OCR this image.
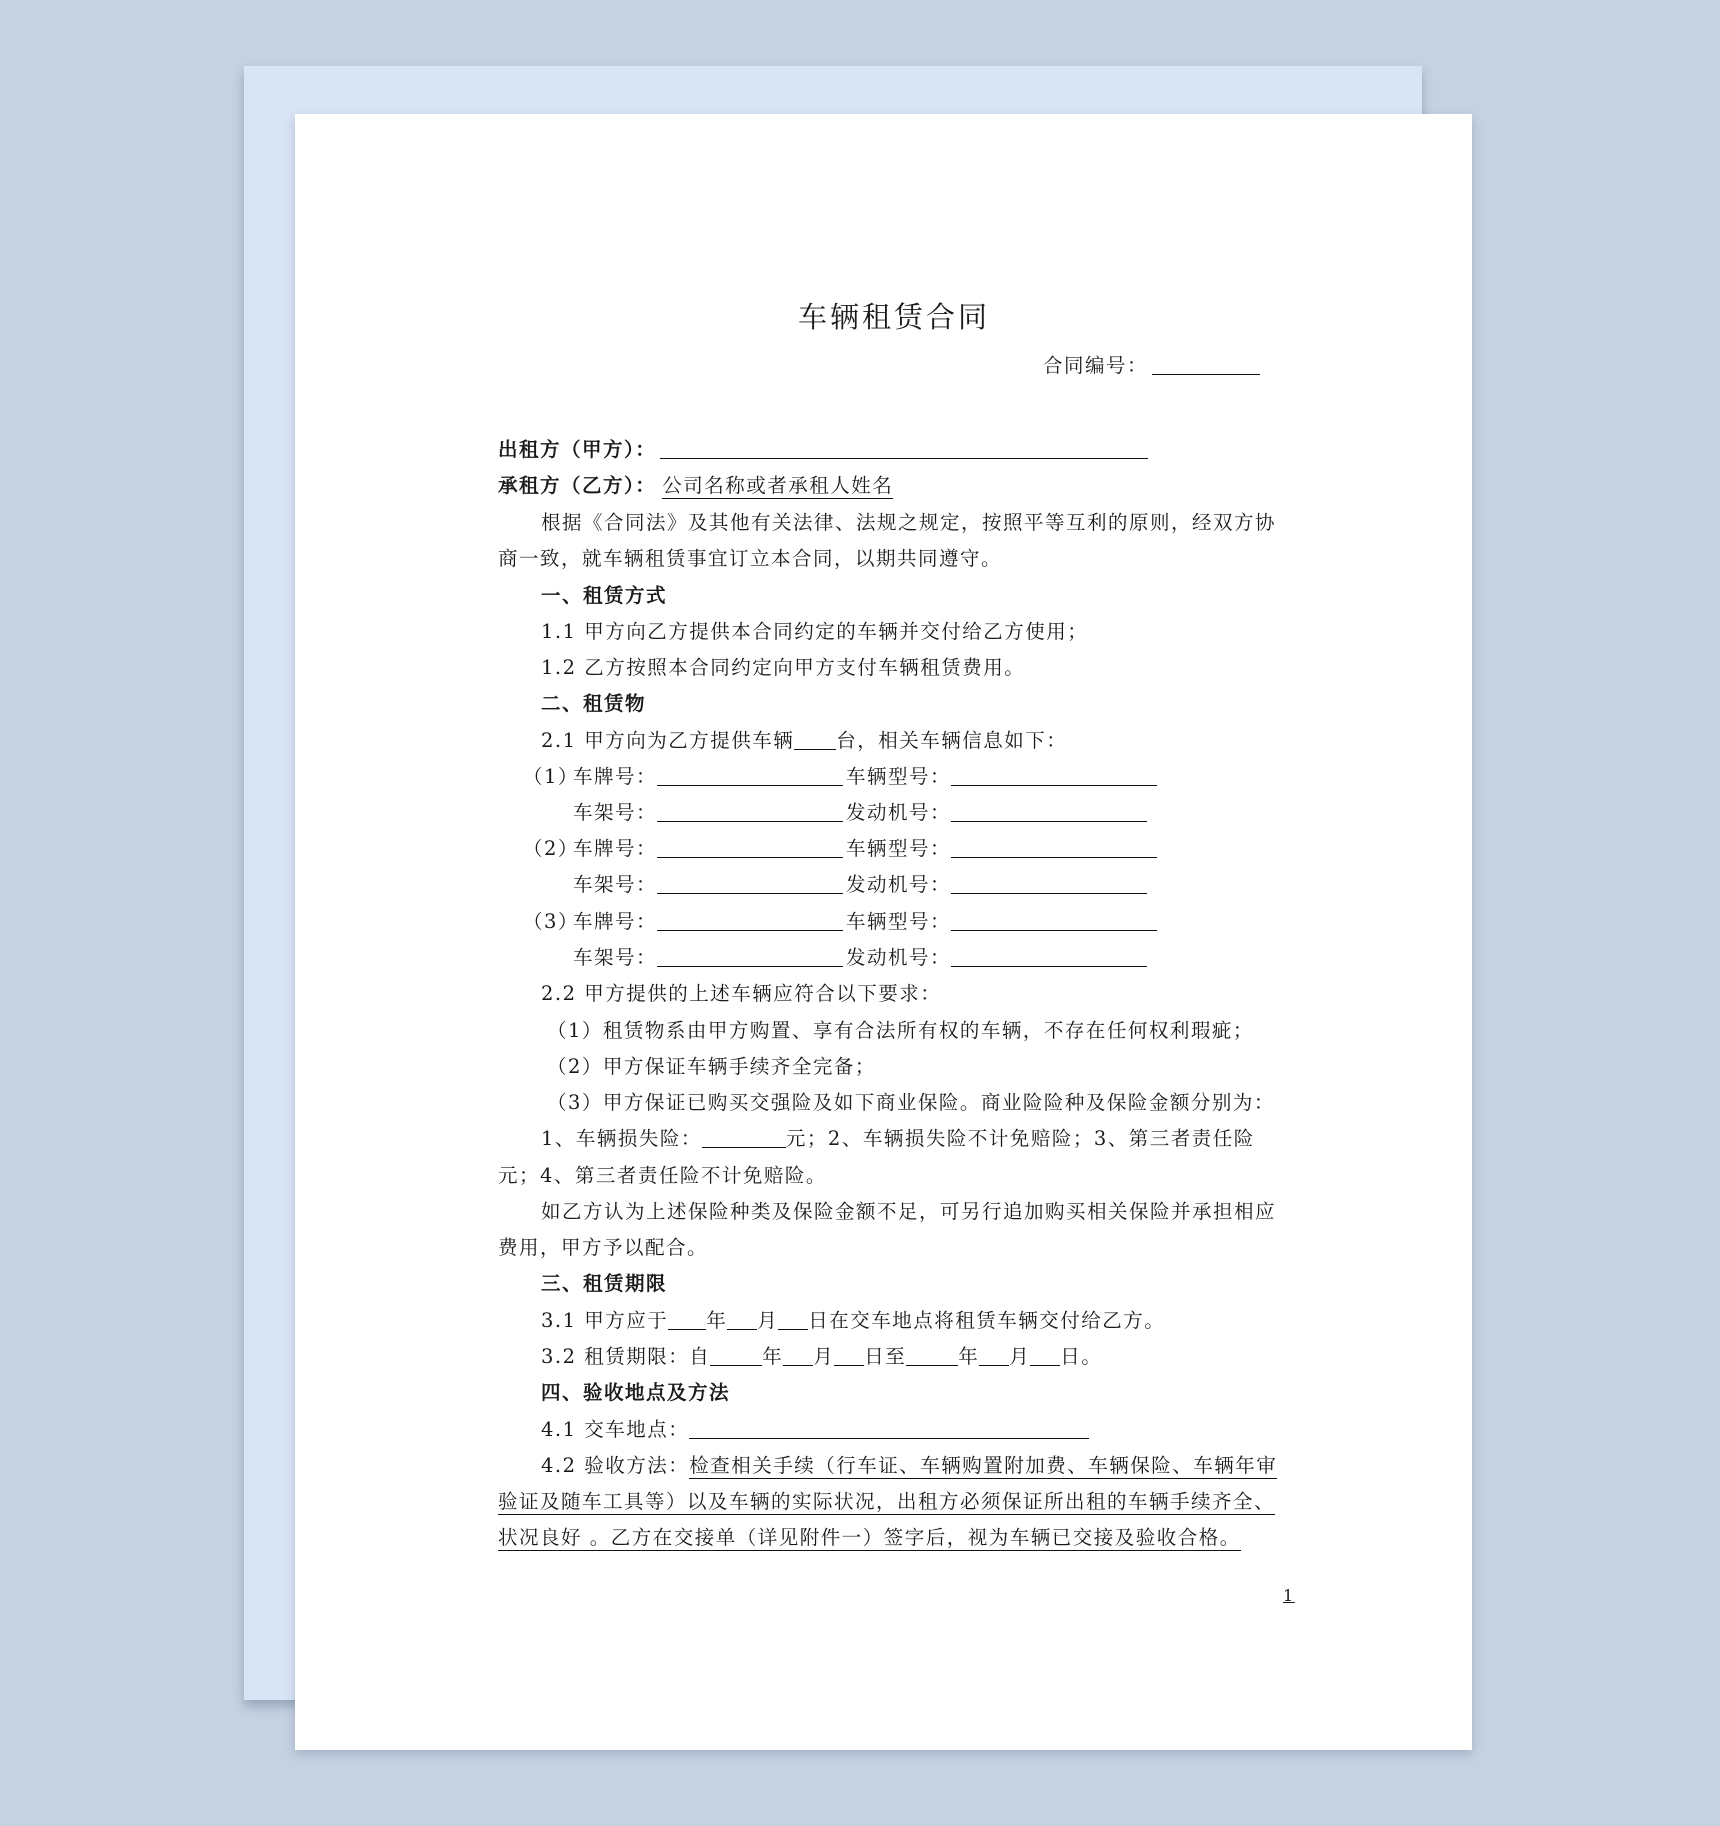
车辆租赁合同
合同编号：
出租方（甲方）：
承租方（乙方）： 公司名称或者承租人姓名
根据《合同法》及其他有关法律、法规之规定，按照平等互利的原则，经双方协
商一致，就车辆租赁事宜订立本合同，以期共同遵守。
一、租赁方式
1.1 甲方向乙方提供本合同约定的车辆并交付给乙方使用；
1.2 乙方按照本合同约定向甲方支付车辆租赁费用。
二、租赁物
2.1 甲方向为乙方提供车辆 台，相关车辆信息如下：
（1）
车牌号：	车辆型号：
车架号：	发动机号：
（2）
车牌号：	车辆型号：
车架号：	发动机号：
（3）
车牌号：	车辆型号：
车架号：	发动机号：
2.2 甲方提供的上述车辆应符合以下要求：
（1）租赁物系由甲方购置、享有合法所有权的车辆，不存在任何权利瑕疵；
（2）甲方保证车辆手续齐全完备；
（3）甲方保证已购买交强险及如下商业保险。商业险险种及保险金额分别为：
1、车辆损失险：	元；2、车辆损失险不计免赔险；3、第三者责任险
元；4、第三者责任险不计免赔险。
如乙方认为上述保险种类及保险金额不足，可另行追加购买相关保险并承担相应
费用，甲方予以配合。
三、租赁期限
3.1 甲方应于 年 月 日在交车地点将租赁车辆交付给乙方。
3.2 租赁期限：自	年 月 日至	年 月 日。
四、验收地点及方法
4.1 交车地点：
4.2 验收方法：检查相关手续（行车证、车辆购置附加费、车辆保险、车辆年审
验证及随车工具等）以及车辆的实际状况，出租方必须保证所出租的车辆手续齐全、
状况良好 。乙方在交接单（详见附件一）签字后，视为车辆已交接及验收合格。
1
